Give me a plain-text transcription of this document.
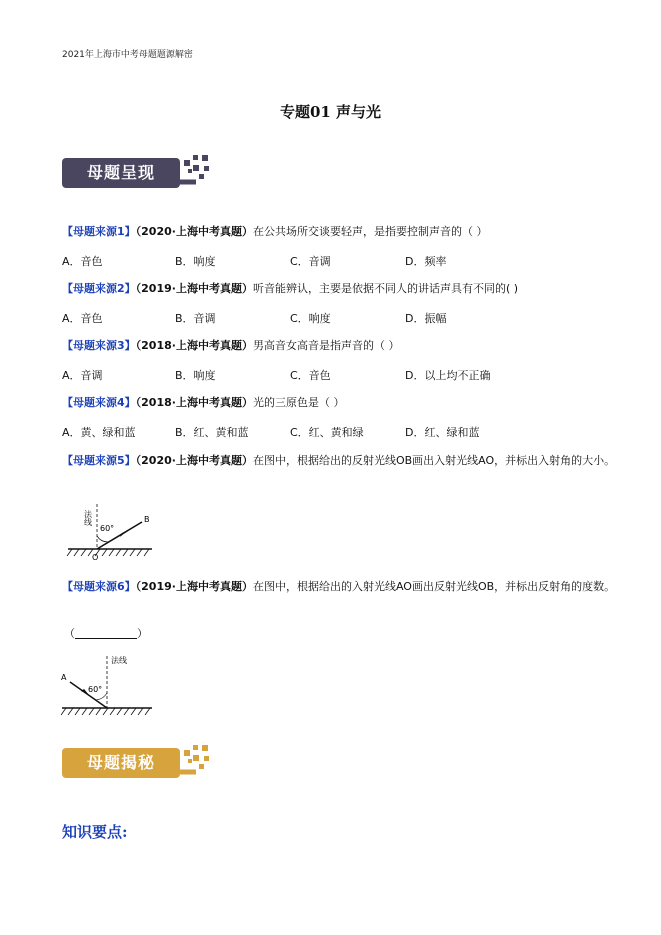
2021年上海市中考母题题源解密
专题01 声与光
母题呈现
【母题来源1】（2020·上海中考真题）在公共场所交谈要轻声，是指要控制声音的（ ）
A．音色	B．响度	C．音调	D．频率
【母题来源2】（2019·上海中考真题）听音能辨认，主要是依据不同人的讲话声具有不同的( )
A．音色	B．音调	C．响度	D．振幅
【母题来源3】（2018·上海中考真题）男高音女高音是指声音的（ ）
A．音调	B．响度	C．音色	D．以上均不正确
【母题来源4】（2018·上海中考真题）光的三原色是（ ）
A．黄、绿和蓝	B．红、黄和蓝	C．红、黄和绿	D．红、绿和蓝
【母题来源5】（2020·上海中考真题）在图中，根据给出的反射光线OB画出入射光线AO，并标出入射角的大小。
法线
60°
B
O
【母题来源6】（2019·上海中考真题）在图中，根据给出的入射光线AO画出反射光线OB，并标出反射角的度数。
（	）
法线
60°
A
母题揭秘
知识要点:
